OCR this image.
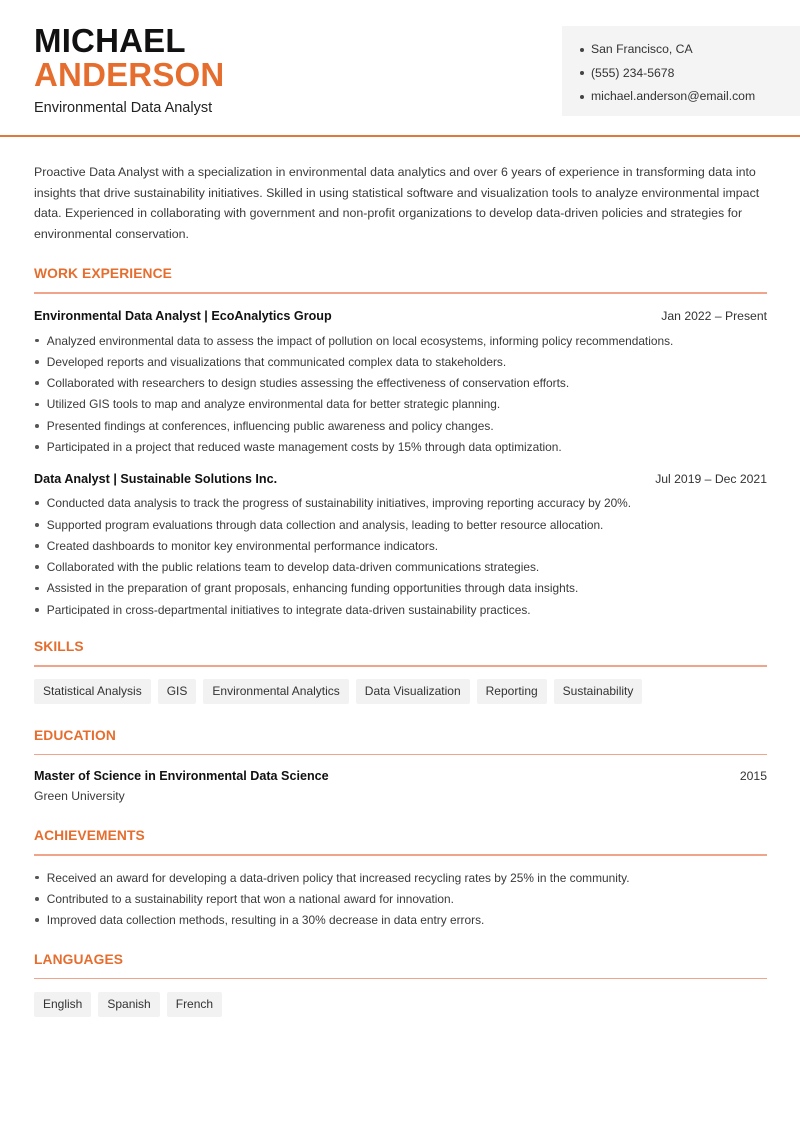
MICHAEL
ANDERSON
Environmental Data Analyst
San Francisco, CA
(555) 234-5678
michael.anderson@email.com

Proactive Data Analyst with a specialization in environmental data analytics and over 6 years of experience in transforming data into insights that drive sustainability initiatives. Skilled in using statistical software and visualization tools to analyze environmental impact data. Experienced in collaborating with government and non-profit organizations to develop data-driven policies and strategies for environmental conservation.

WORK EXPERIENCE
Environmental Data Analyst | EcoAnalytics Group	Jan 2022 – Present
Analyzed environmental data to assess the impact of pollution on local ecosystems, informing policy recommendations.
Developed reports and visualizations that communicated complex data to stakeholders.
Collaborated with researchers to design studies assessing the effectiveness of conservation efforts.
Utilized GIS tools to map and analyze environmental data for better strategic planning.
Presented findings at conferences, influencing public awareness and policy changes.
Participated in a project that reduced waste management costs by 15% through data optimization.
Data Analyst | Sustainable Solutions Inc.	Jul 2019 – Dec 2021
Conducted data analysis to track the progress of sustainability initiatives, improving reporting accuracy by 20%.
Supported program evaluations through data collection and analysis, leading to better resource allocation.
Created dashboards to monitor key environmental performance indicators.
Collaborated with the public relations team to develop data-driven communications strategies.
Assisted in the preparation of grant proposals, enhancing funding opportunities through data insights.
Participated in cross-departmental initiatives to integrate data-driven sustainability practices.
SKILLS
Statistical Analysis	GIS	Environmental Analytics	Data Visualization	Reporting	Sustainability
EDUCATION
Master of Science in Environmental Data Science	2015
Green University
ACHIEVEMENTS
Received an award for developing a data-driven policy that increased recycling rates by 25% in the community.
Contributed to a sustainability report that won a national award for innovation.
Improved data collection methods, resulting in a 30% decrease in data entry errors.
LANGUAGES
English	Spanish	French
